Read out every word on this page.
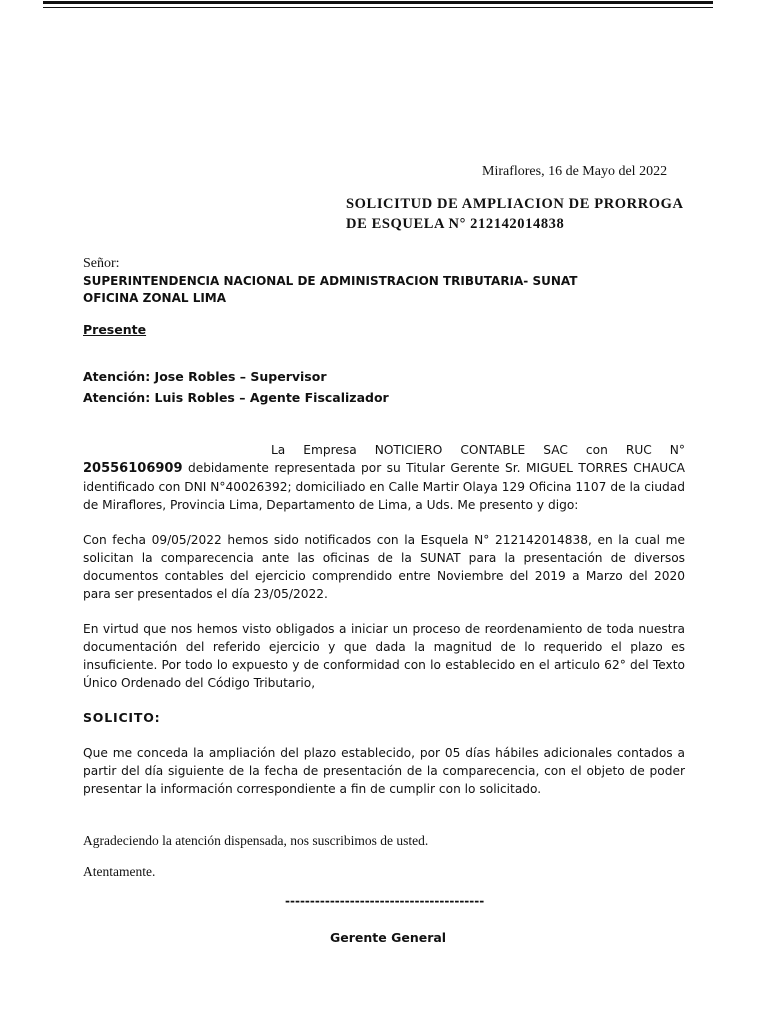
Miraflores, 16 de Mayo del 2022

SOLICITUD DE AMPLIACION DE PRORROGA

DE ESQUELA N° 212142014838

Señor:

SUPERINTENDENCIA NACIONAL DE ADMINISTRACION TRIBUTARIA- SUNAT

OFICINA ZONAL LIMA

Presente

Atención: Jose Robles – Supervisor

Atención: Luis Robles – Agente Fiscalizador

La Empresa NOTICIERO CONTABLE SAC con RUC N° 20556106909 debidamente representada por su Titular Gerente Sr. MIGUEL TORRES CHAUCA identificado con DNI N°40026392; domiciliado en Calle Martir Olaya 129 Oficina 1107 de la ciudad de Miraflores, Provincia Lima, Departamento de Lima, a Uds. Me presento y digo:

Con fecha 09/05/2022 hemos sido notificados con la Esquela N° 212142014838, en la cual me solicitan la comparecencia ante las oficinas de la SUNAT para la presentación de diversos documentos contables del ejercicio comprendido entre Noviembre del 2019 a Marzo del 2020 para ser presentados el día 23/05/2022.

En virtud que nos hemos visto obligados a iniciar un proceso de reordenamiento de toda nuestra documentación del referido ejercicio y que dada la magnitud de lo requerido el plazo es insuficiente. Por todo lo expuesto y de conformidad con lo establecido en el articulo 62° del Texto Único Ordenado del Código Tributario,

SOLICITO:

Que me conceda la ampliación del plazo establecido, por 05 días hábiles adicionales contados a partir del día siguiente de la fecha de presentación de la comparecencia, con el objeto de poder presentar la información correspondiente a fin de cumplir con lo solicitado.

Agradeciendo la atención dispensada, nos suscribimos de usted.

Atentamente.

----------------------------------------

Gerente General
